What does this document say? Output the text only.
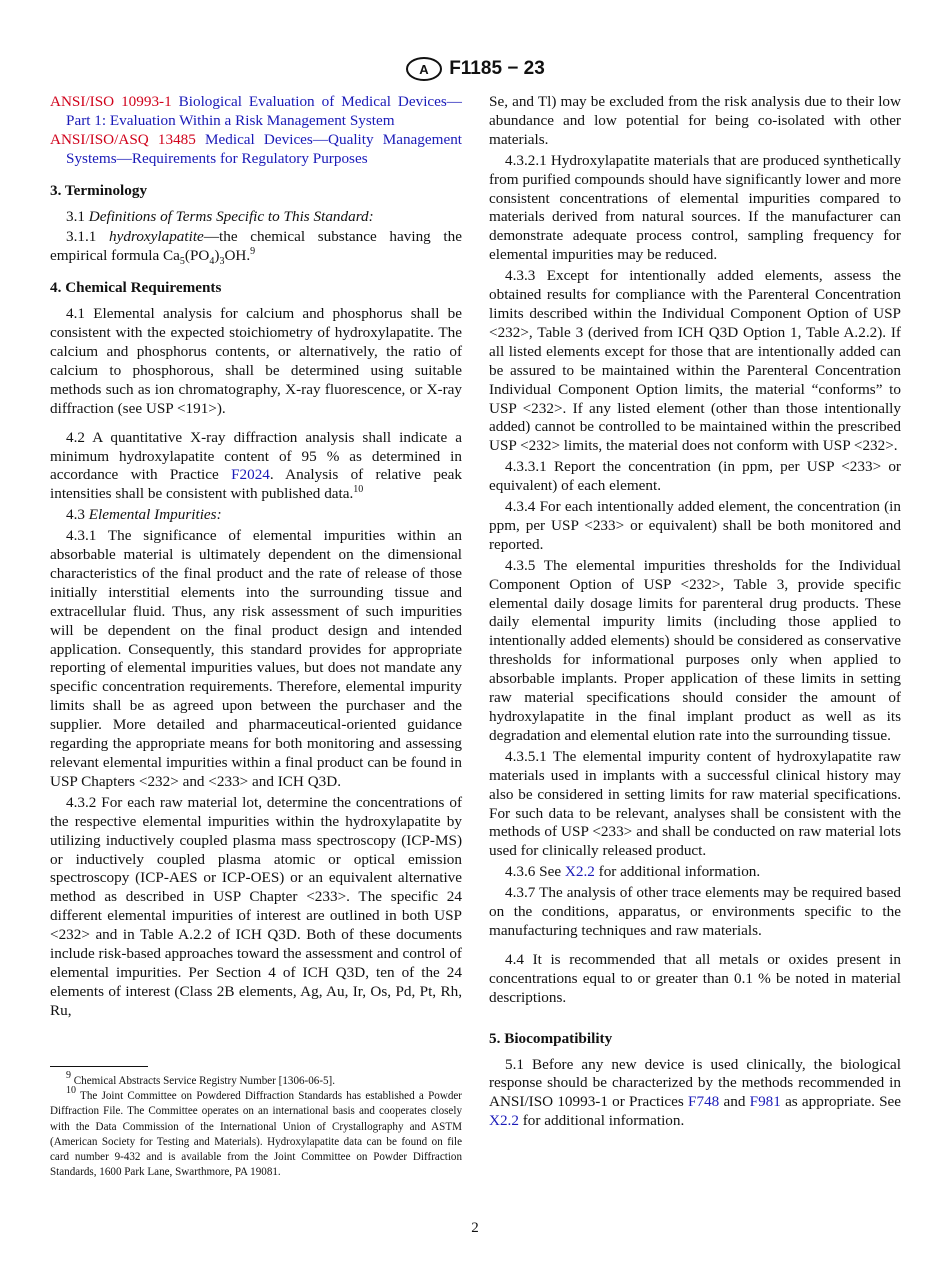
A F1185 − 23

ANSI/ISO 10993-1 Biological Evaluation of Medical Devices—Part 1: Evaluation Within a Risk Management System

ANSI/ISO/ASQ 13485 Medical Devices—Quality Management Systems—Requirements for Regulatory Purposes

3. Terminology

3.1 Definitions of Terms Specific to This Standard:

3.1.1 hydroxylapatite—the chemical substance having the empirical formula $Ca_5(PO_4)_3OH.^9$

4. Chemical Requirements

4.1 Elemental analysis for calcium and phosphorus shall be consistent with the expected stoichiometry of hydroxylapatite. The calcium and phosphorus contents, or alternatively, the ratio of calcium to phosphorous, shall be determined using suitable methods such as ion chromatography, X-ray fluorescence, or X-ray diffraction (see USP <191>).

4.2 A quantitative X-ray diffraction analysis shall indicate a minimum hydroxylapatite content of 95 % as determined in accordance with Practice F2024. Analysis of relative peak intensities shall be consistent with published data.$^{10}$

4.3 Elemental Impurities:

4.3.1 The significance of elemental impurities within an absorbable material is ultimately dependent on the dimensional characteristics of the final product and the rate of release of those initially interstitial elements into the surrounding tissue and extracellular fluid. Thus, any risk assessment of such impurities will be dependent on the final product design and intended application. Consequently, this standard provides for appropriate reporting of elemental impurities values, but does not mandate any specific concentration requirements. Therefore, elemental impurity limits shall be as agreed upon between the purchaser and the supplier. More detailed and pharmaceutical-oriented guidance regarding the appropriate means for both monitoring and assessing relevant elemental impurities within a final product can be found in USP Chapters <232> and <233> and ICH Q3D.

4.3.2 For each raw material lot, determine the concentrations of the respective elemental impurities within the hydroxylapatite by utilizing inductively coupled plasma mass spectroscopy (ICP-MS) or inductively coupled plasma atomic or optical emission spectroscopy (ICP-AES or ICP-OES) or an equivalent alternative method as described in USP Chapter <233>. The specific 24 different elemental impurities of interest are outlined in both USP <232> and in Table A.2.2 of ICH Q3D. Both of these documents include risk-based approaches toward the assessment and control of elemental impurities. Per Section 4 of ICH Q3D, ten of the 24 elements of interest (Class 2B elements, Ag, Au, Ir, Os, Pd, Pt, Rh, Ru,

Se, and Tl) may be excluded from the risk analysis due to their low abundance and low potential for being co-isolated with other materials.

4.3.2.1 Hydroxylapatite materials that are produced synthetically from purified compounds should have significantly lower and more consistent concentrations of elemental impurities compared to materials derived from natural sources. If the manufacturer can demonstrate adequate process control, sampling frequency for elemental impurities may be reduced.

4.3.3 Except for intentionally added elements, assess the obtained results for compliance with the Parenteral Concentration limits described within the Individual Component Option of USP <232>, Table 3 (derived from ICH Q3D Option 1, Table A.2.2). If all listed elements except for those that are intentionally added can be assured to be maintained within the Parenteral Concentration Individual Component Option limits, the material “conforms” to USP <232>. If any listed element (other than those intentionally added) cannot be controlled to be maintained within the prescribed USP <232> limits, the material does not conform with USP <232>.

4.3.3.1 Report the concentration (in ppm, per USP <233> or equivalent) of each element.

4.3.4 For each intentionally added element, the concentration (in ppm, per USP <233> or equivalent) shall be both monitored and reported.

4.3.5 The elemental impurities thresholds for the Individual Component Option of USP <232>, Table 3, provide specific elemental daily dosage limits for parenteral drug products. These daily elemental impurity limits (including those applied to intentionally added elements) should be considered as conservative thresholds for informational purposes only when applied to absorbable implants. Proper application of these limits in setting raw material specifications should consider the amount of hydroxylapatite in the final implant product as well as its degradation and elemental elution rate into the surrounding tissue.

4.3.5.1 The elemental impurity content of hydroxylapatite raw materials used in implants with a successful clinical history may also be considered in setting limits for raw material specifications. For such data to be relevant, analyses shall be consistent with the methods of USP <233> and shall be conducted on raw material lots used for clinically released product.

4.3.6 See X2.2 for additional information.

4.3.7 The analysis of other trace elements may be required based on the conditions, apparatus, or environments specific to the manufacturing techniques and raw materials.

4.4 It is recommended that all metals or oxides present in concentrations equal to or greater than 0.1 % be noted in material descriptions.

5. Biocompatibility

5.1 Before any new device is used clinically, the biological response should be characterized by the methods recommended in ANSI/ISO 10993-1 or Practices F748 and F981 as appropriate. See X2.2 for additional information.

9 Chemical Abstracts Service Registry Number [1306-06-5].

10 The Joint Committee on Powdered Diffraction Standards has established a Powder Diffraction File. The Committee operates on an international basis and cooperates closely with the Data Commission of the International Union of Crystallography and ASTM (American Society for Testing and Materials). Hydroxylapatite data can be found on file card number 9-432 and is available from the Joint Committee on Powder Diffraction Standards, 1600 Park Lane, Swarthmore, PA 19081.

2
